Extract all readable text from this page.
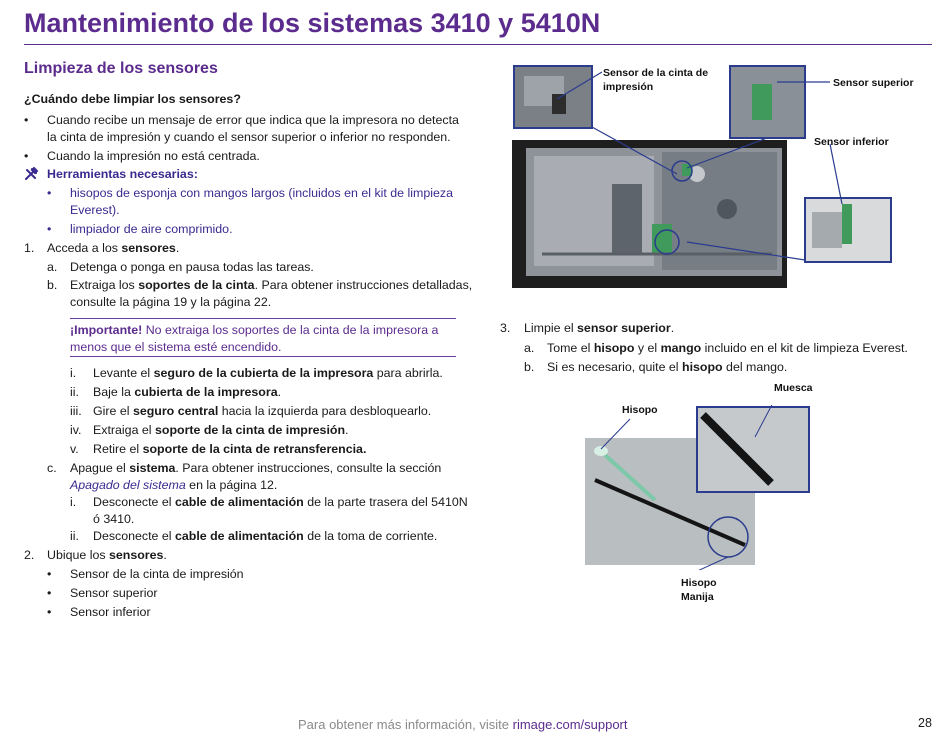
Mantenimiento de los sistemas 3410 y 5410N
Limpieza de los sensores
¿Cuándo debe limpiar los sensores?
• Cuando recibe un mensaje de error que indica que la impresora no detecta
la cinta de impresión y cuando el sensor superior o inferior no responden.
• Cuando la impresión no está centrada.
Herramientas necesarias:
• hisopos de esponja con mangos largos (incluidos en el kit de limpieza
Everest).
• limpiador de aire comprimido.
1. Acceda a los sensores.
a. Detenga o ponga en pausa todas las tareas.
b. Extraiga los soportes de la cinta. Para obtener instrucciones detalladas,
consulte la página 19 y la página 22.
¡Importante! No extraiga los soportes de la cinta de la impresora a
menos que el sistema esté encendido.
i. Levante el seguro de la cubierta de la impresora para abrirla.
ii. Baje la cubierta de la impresora.
iii. Gire el seguro central hacia la izquierda para desbloquearlo.
iv. Extraiga el soporte de la cinta de impresión.
v. Retire el soporte de la cinta de retransferencia.
c. Apague el sistema. Para obtener instrucciones, consulte la sección
Apagado del sistema en la página 12.
i. Desconecte el cable de alimentación de la parte trasera del 5410N
ó 3410.
ii. Desconecte el cable de alimentación de la toma de corriente.
2. Ubique los sensores.
• Sensor de la cinta de impresión
• Sensor superior
• Sensor inferior
Sensor de la cinta de
impresión	Sensor superior
Sensor inferior
3. Limpie el sensor superior.
a. Tome el hisopo y el mango incluido en el kit de limpieza Everest.
b. Si es necesario, quite el hisopo del mango.
Muesca
Hisopo
Hisopo
Manija
Para obtener más información, visite rimage.com/support	28
